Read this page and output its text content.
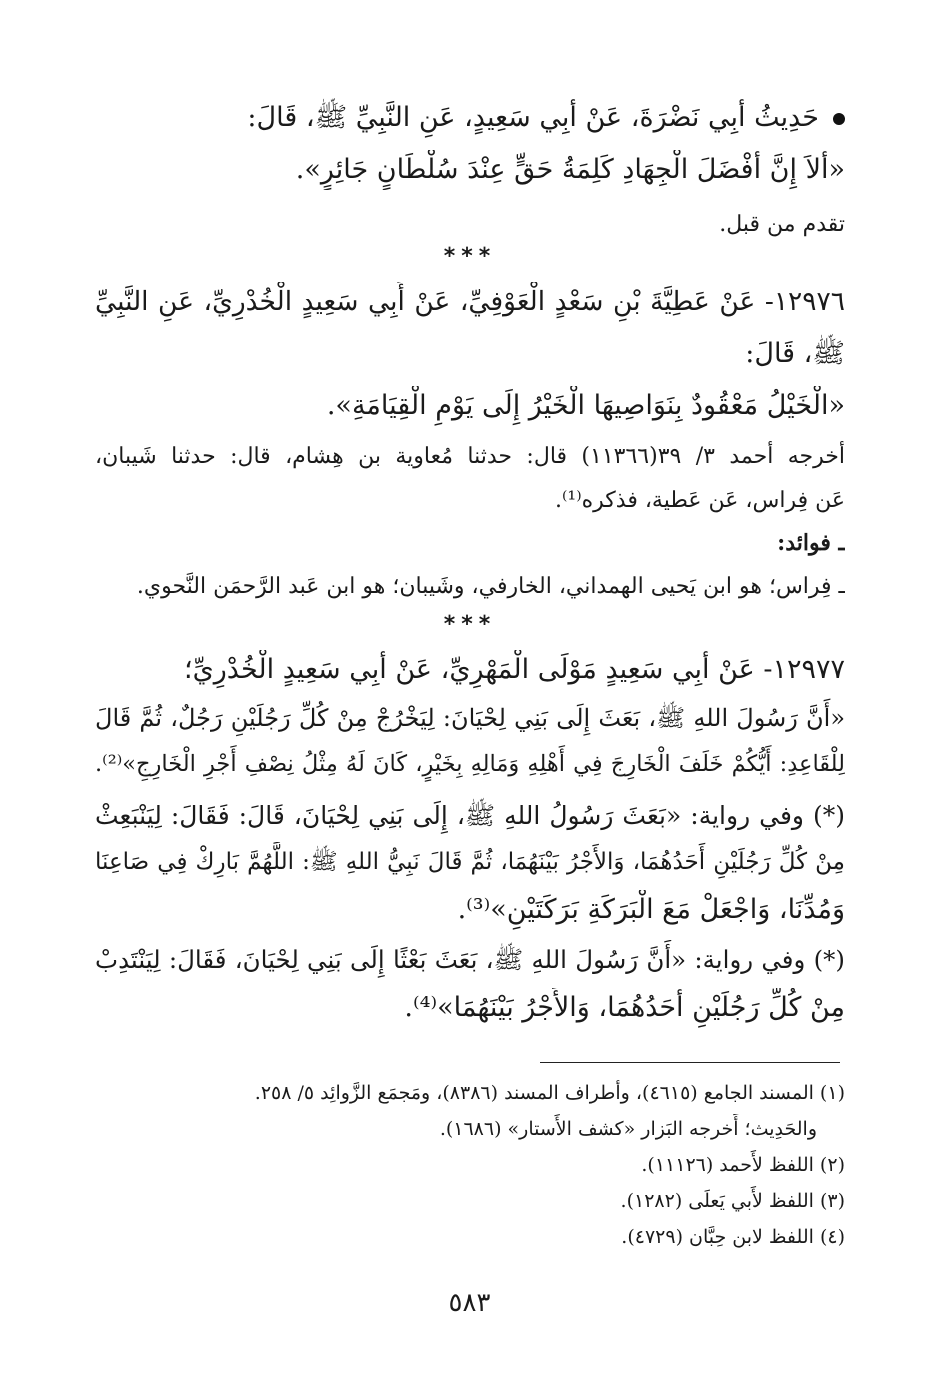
حَدِيثُ أَبِي نَضْرَةَ، عَنْ أَبِي سَعِيدٍ، عَنِ النَّبِيِّ ﷺ، قَالَ:
«أَلاَ إِنَّ أَفْضَلَ الْجِهَادِ كَلِمَةُ حَقٍّ عِنْدَ سُلْطَانٍ جَائِرٍ».
تقدم من قبل.
***
١٢٩٧٦- عَنْ عَطِيَّةَ بْنِ سَعْدٍ الْعَوْفِيِّ، عَنْ أَبِي سَعِيدٍ الْخُدْرِيِّ، عَنِ النَّبِيِّ
ﷺ، قَالَ:
«الْخَيْلُ مَعْقُودٌ بِنَوَاصِيهَا الْخَيْرُ إِلَى يَوْمِ الْقِيَامَةِ».
أخرجه أحمد ٣/ ٣٩(١١٣٦٦) قال: حدثنا مُعاوية بن هِشام، قال: حدثنا شَيبان،
عَن فِراس، عَن عَطية، فذكره⁽¹⁾.
ـ فوائد:
ـ فِراس؛ هو ابن يَحيى الهمداني، الخارفي، وشَيبان؛ هو ابن عَبد الرَّحمَن النَّحوي.
***
١٢٩٧٧- عَنْ أَبِي سَعِيدٍ مَوْلَى الْمَهْرِيِّ، عَنْ أَبِي سَعِيدٍ الْخُدْرِيِّ؛
«أَنَّ رَسُولَ اللهِ ﷺ، بَعَثَ إِلَى بَنِي لِحْيَانَ: لِيَخْرُجْ مِنْ كُلِّ رَجُلَيْنِ رَجُلٌ، ثُمَّ قَالَ
لِلْقَاعِدِ: أَيُّكُمْ خَلَفَ الْخَارِجَ فِي أَهْلِهِ وَمَالِهِ بِخَيْرٍ، كَانَ لَهُ مِثْلُ نِصْفِ أَجْرِ الْخَارِجِ»⁽²⁾.
(*) وفي رواية: «بَعَثَ رَسُولُ اللهِ ﷺ، إِلَى بَنِي لِحْيَانَ، قَالَ: فَقَالَ: لِيَنْبَعِثْ
مِنْ كُلِّ رَجُلَيْنِ أَحَدُهُمَا، وَالأَجْرُ بَيْنَهُمَا، ثُمَّ قَالَ نَبِيُّ اللهِ ﷺ: اللَّهُمَّ بَارِكْ فِي صَاعِنَا
وَمُدِّنَا، وَاجْعَلْ مَعَ الْبَرَكَةِ بَرَكَتَيْنِ»⁽³⁾.
(*) وفي رواية: «أَنَّ رَسُولَ اللهِ ﷺ، بَعَثَ بَعْثًا إِلَى بَنِي لِحْيَانَ، فَقَالَ: لِيَنْتَدِبْ
مِنْ كُلِّ رَجُلَيْنِ أَحَدُهُمَا، وَالأَجْرُ بَيْنَهُمَا»⁽⁴⁾.
(١) المسند الجامع (٤٦١٥)، وأطراف المسند (٨٣٨٦)، ومَجمَع الزَّوائِد ٥/ ٢٥٨.
والحَدِيث؛ أَخرجه البَزار «كشف الأَستار» (١٦٨٦).
(٢) اللفظ لأَحمد (١١١٢٦).
(٣) اللفظ لأَبي يَعلَى (١٢٨٢).
(٤) اللفظ لابن حِبَّان (٤٧٢٩).
٥٨٣
